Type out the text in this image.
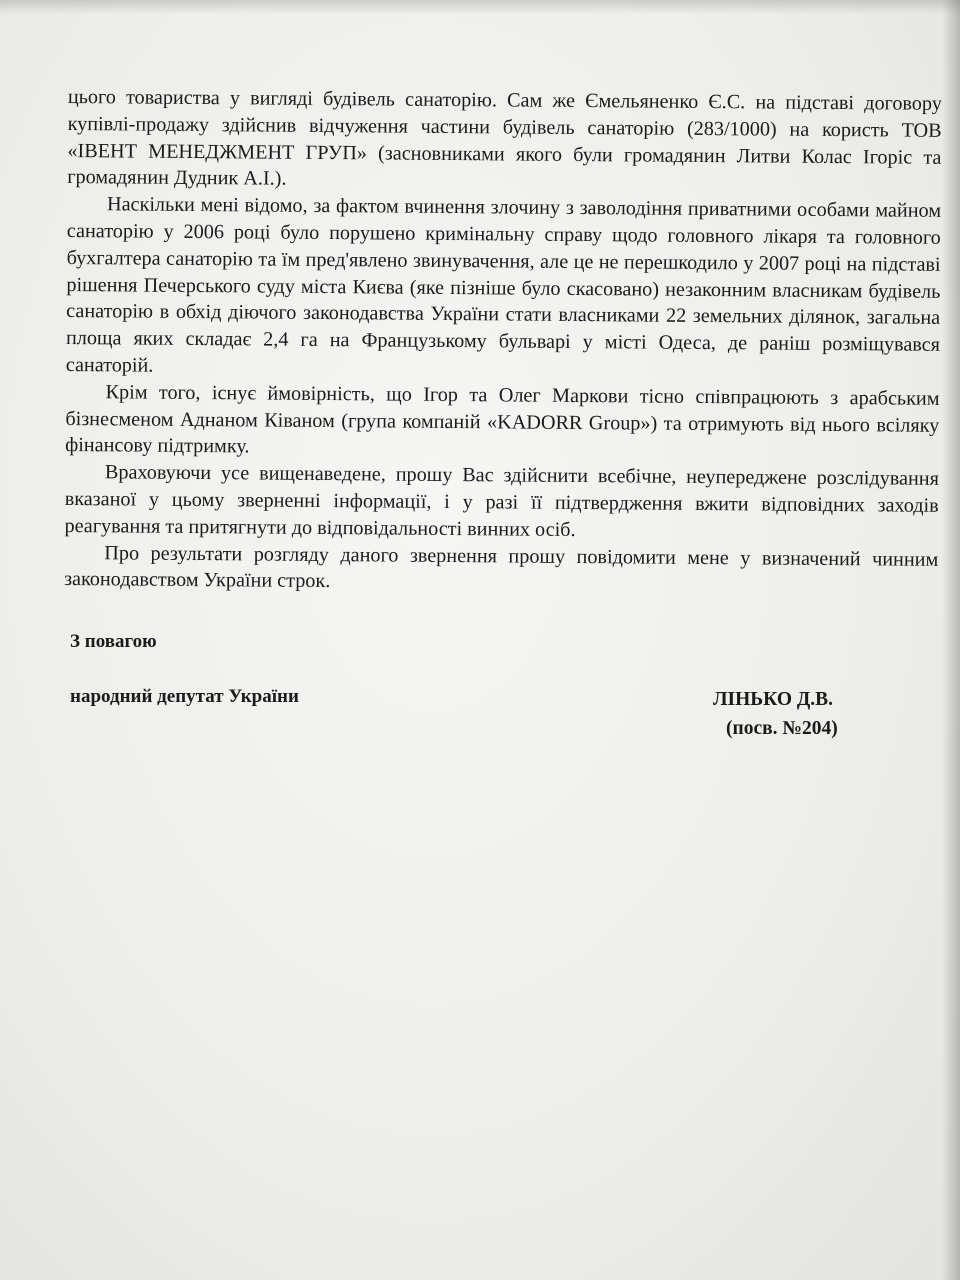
цього товариства у вигляді будівель санаторію. Сам же Ємельяненко Є.С. на підставі договору купівлі-продажу здійснив відчуження частини будівель санаторію (283/1000) на користь ТОВ «ІВЕНТ МЕНЕДЖМЕНТ ГРУП» (засновниками якого були громадянин Литви Колас Ігоріс та громадянин Дудник А.І.).

Наскільки мені відомо, за фактом вчинення злочину з заволодіння приватними особами майном санаторію у 2006 році було порушено кримінальну справу щодо головного лікаря та головного бухгалтера санаторію та їм пред'явлено звинувачення, але це не перешкодило у 2007 році на підставі рішення Печерського суду міста Києва (яке пізніше було скасовано) незаконним власникам будівель санаторію в обхід діючого законодавства України стати власниками 22 земельних ділянок, загальна площа яких складає 2,4 га на Французькому бульварі у місті Одеса, де раніш розміщувався санаторій.

Крім того, існує ймовірність, що Ігор та Олег Маркови тісно співпрацюють з арабським бізнесменом Аднаном Ківаном (група компаній «KADORR Group») та отримують від нього всіляку фінансову підтримку.

Враховуючи усе вищенаведене, прошу Вас здійснити всебічне, неупереджене розслідування вказаної у цьому зверненні інформації, і у разі її підтвердження вжити відповідних заходів реагування та притягнути до відповідальності винних осіб.

Про результати розгляду даного звернення прошу повідомити мене у визначений чинним законодавством України строк.

З повагою
народний депутат України	ЛІНЬКО Д.В.
(посв. №204)
